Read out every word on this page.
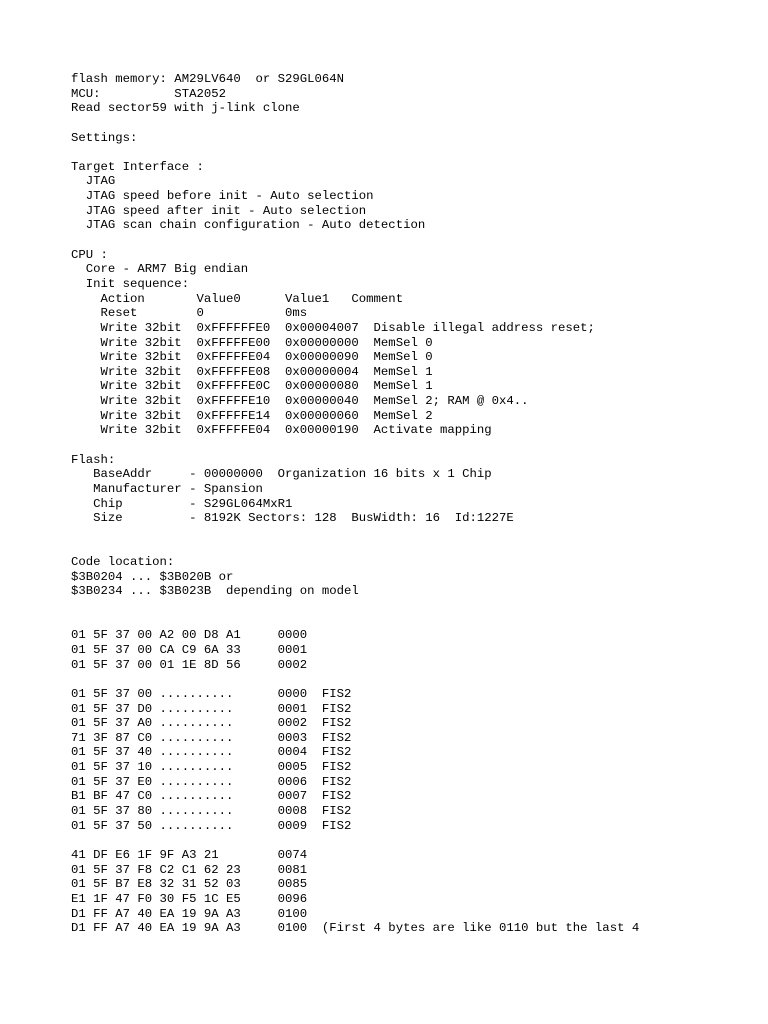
flash memory: AM29LV640  or S29GL064N
MCU:          STA2052
Read sector59 with j-link clone
Settings:
Target Interface :
JTAG
JTAG speed before init - Auto selection
JTAG speed after init - Auto selection
JTAG scan chain configuration - Auto detection
CPU :
Core - ARM7 Big endian
Init sequence:
Action       Value0      Value1   Comment
Reset        0           0ms
Write 32bit  0xFFFFFFE0  0x00004007  Disable illegal address reset;
Write 32bit  0xFFFFFE00  0x00000000  MemSel 0
Write 32bit  0xFFFFFE04  0x00000090  MemSel 0
Write 32bit  0xFFFFFE08  0x00000004  MemSel 1
Write 32bit  0xFFFFFE0C  0x00000080  MemSel 1
Write 32bit  0xFFFFFE10  0x00000040  MemSel 2; RAM @ 0x4..
Write 32bit  0xFFFFFE14  0x00000060  MemSel 2
Write 32bit  0xFFFFFE04  0x00000190  Activate mapping
Flash:
BaseAddr     - 00000000  Organization 16 bits x 1 Chip
Manufacturer - Spansion
Chip         - S29GL064MxR1
Size         - 8192K Sectors: 128  BusWidth: 16  Id:1227E
Code location:
$3B0204 ... $3B020B or
$3B0234 ... $3B023B  depending on model
01 5F 37 00 A2 00 D8 A1     0000
01 5F 37 00 CA C9 6A 33     0001
01 5F 37 00 01 1E 8D 56     0002
01 5F 37 00 ..........      0000  FIS2
01 5F 37 D0 ..........      0001  FIS2
01 5F 37 A0 ..........      0002  FIS2
71 3F 87 C0 ..........      0003  FIS2
01 5F 37 40 ..........      0004  FIS2
01 5F 37 10 ..........      0005  FIS2
01 5F 37 E0 ..........      0006  FIS2
B1 BF 47 C0 ..........      0007  FIS2
01 5F 37 80 ..........      0008  FIS2
01 5F 37 50 ..........      0009  FIS2
41 DF E6 1F 9F A3 21        0074
01 5F 37 F8 C2 C1 62 23     0081
01 5F B7 E8 32 31 52 03     0085
E1 1F 47 F0 30 F5 1C E5     0096
D1 FF A7 40 EA 19 9A A3     0100
D1 FF A7 40 EA 19 9A A3     0100  (First 4 bytes are like 0110 but the last 4
